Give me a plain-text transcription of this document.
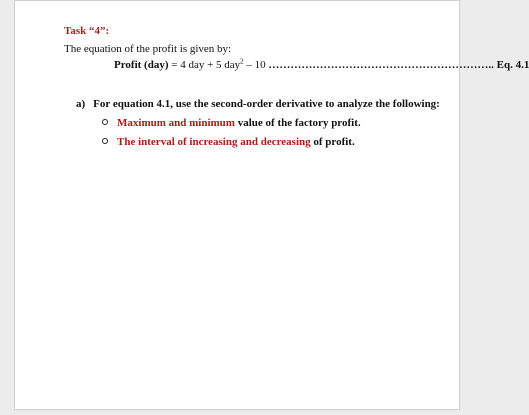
Task “4”:
The equation of the profit is given by:
Profit (day) = 4 day + 5 day$^2$ – 10 …………………………………………………….. Eq. 4.1
a) For equation 4.1, use the second-order derivative to analyze the following:
Maximum and minimum value of the factory profit.
The interval of increasing and decreasing of profit.
